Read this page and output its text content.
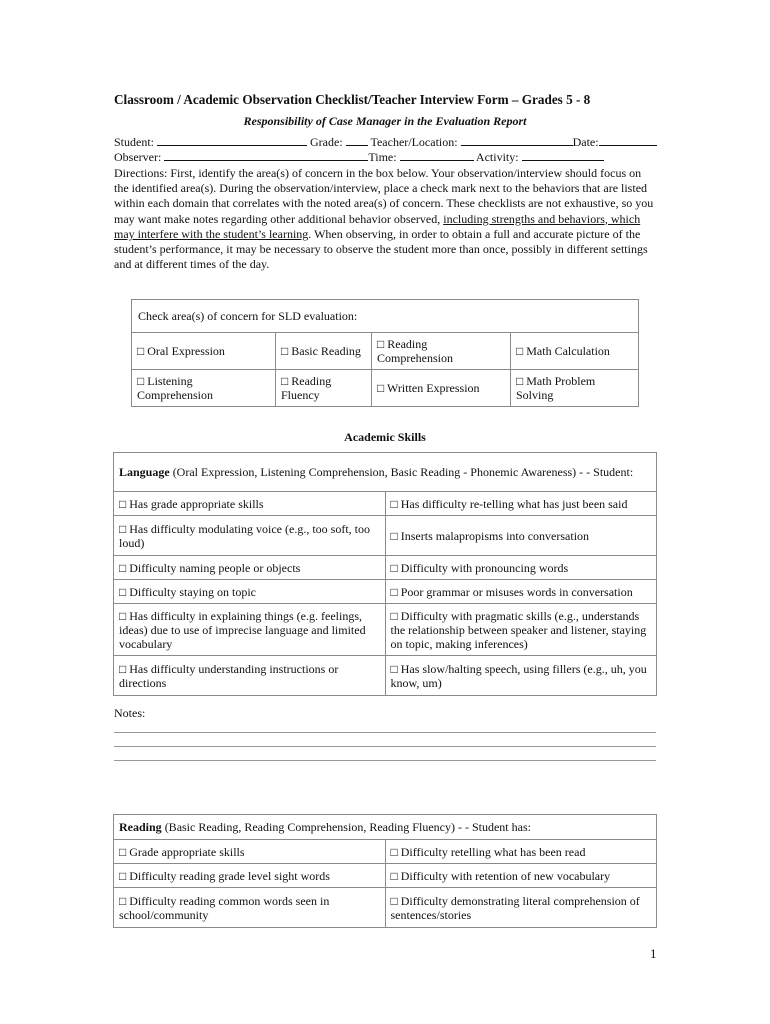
Classroom / Academic Observation Checklist/Teacher Interview Form – Grades 5 - 8
Responsibility of Case Manager in the Evaluation Report
Student:	Grade: Teacher/Location:	Date:
Observer:	Time:	Activity:
Directions: First, identify the area(s) of concern in the box below. Your observation/interview should focus on the identified area(s). During the observation/interview, place a check mark next to the behaviors that are listed within each domain that correlates with the noted area(s) of concern. These checklists are not exhaustive, so you may want make notes regarding other additional behavior observed, including strengths and behaviors, which may interfere with the student’s learning. When observing, in order to obtain a full and accurate picture of the student’s performance, it may be necessary to observe the student more than once, possibly in different settings and at different times of the day.
Check area(s) of concern for SLD evaluation:			
□ Oral Expression	□ Basic Reading	□ Reading Comprehension	□ Math Calculation
□ Listening Comprehension	□ Reading Fluency	□ Written Expression	□ Math Problem Solving
Academic Skills
Language (Oral Expression, Listening Comprehension, Basic Reading - Phonemic Awareness) - - Student:	
□ Has grade appropriate skills	□ Has difficulty re-telling what has just been said
□ Has difficulty modulating voice (e.g., too soft, too loud)	□ Inserts malapropisms into conversation
□ Difficulty naming people or objects	□ Difficulty with pronouncing words
□ Difficulty staying on topic	□ Poor grammar or misuses words in conversation
□ Has difficulty in explaining things (e.g. feelings, ideas) due to use of imprecise language and limited vocabulary	□ Difficulty with pragmatic skills (e.g., understands the relationship between speaker and listener, staying on topic, making inferences)
□ Has difficulty understanding instructions or directions	□ Has slow/halting speech, using fillers (e.g., uh, you know, um)
Notes:
Reading (Basic Reading, Reading Comprehension, Reading Fluency) - - Student has:	
□ Grade appropriate skills	□ Difficulty retelling what has been read
□ Difficulty reading grade level sight words	□ Difficulty with retention of new vocabulary
□ Difficulty reading common words seen in school/community	□ Difficulty demonstrating literal comprehension of sentences/stories
1
